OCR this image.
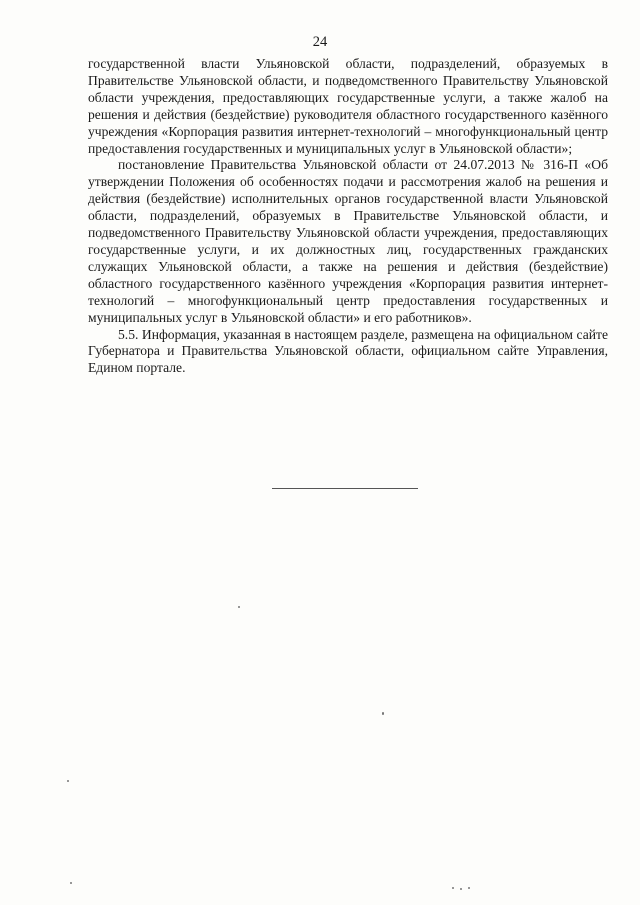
24

государственной власти Ульяновской области, подразделений, образуемых в Правительстве Ульяновской области, и подведомственного Правительству Ульяновской области учреждения, предоставляющих государственные услуги, а также жалоб на решения и действия (бездействие) руководителя областного государственного казённого учреждения «Корпорация развития интернет-технологий – многофункциональный центр предоставления государственных и муниципальных услуг в Ульяновской области»;

постановление Правительства Ульяновской области от 24.07.2013 № 316-П «Об утверждении Положения об особенностях подачи и рассмотрения жалоб на решения и действия (бездействие) исполнительных органов государственной власти Ульяновской области, подразделений, образуемых в Правительстве Ульяновской области, и подведомственного Правительству Ульяновской области учреждения, предоставляющих государственные услуги, и их должностных лиц, государственных гражданских служащих Ульяновской области, а также на решения и действия (бездействие) областного государственного казённого учреждения «Корпорация развития интернет-технологий – многофункциональный центр предоставления государственных и муниципальных услуг в Ульяновской области» и его работников».

5.5. Информация, указанная в настоящем разделе, размещена на официальном сайте Губернатора и Правительства Ульяновской области, официальном сайте Управления, Едином портале.
